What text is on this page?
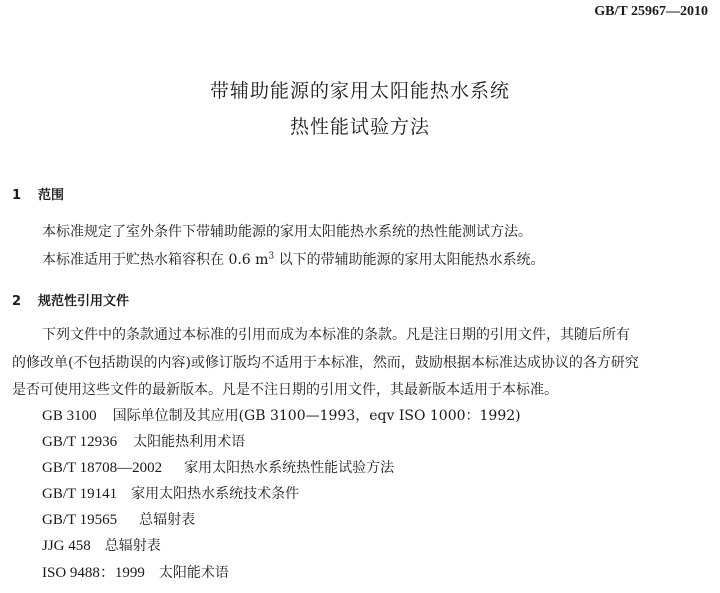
GB/T 25967—2010
带辅助能源的家用太阳能热水系统
热性能试验方法
1 范围
本标准规定了室外条件下带辅助能源的家用太阳能热水系统的热性能测试方法。
本标准适用于贮热水箱容积在 0.6 $m^3$ 以下的带辅助能源的家用太阳能热水系统。
2 规范性引用文件
下列文件中的条款通过本标准的引用而成为本标准的条款。凡是注日期的引用文件，其随后所有
的修改单(不包括勘误的内容)或修订版均不适用于本标准，然而，鼓励根据本标准达成协议的各方研究
是否可使用这些文件的最新版本。凡是不注日期的引用文件，其最新版本适用于本标准。
GB 3100 国际单位制及其应用(GB 3100—1993，eqv ISO 1000：1992)
GB/T 12936 太阳能热利用术语
GB/T 18708—2002 家用太阳热水系统热性能试验方法
GB/T 19141 家用太阳热水系统技术条件
GB/T 19565 总辐射表
JJG 458 总辐射表
ISO 9488：1999 太阳能术语
